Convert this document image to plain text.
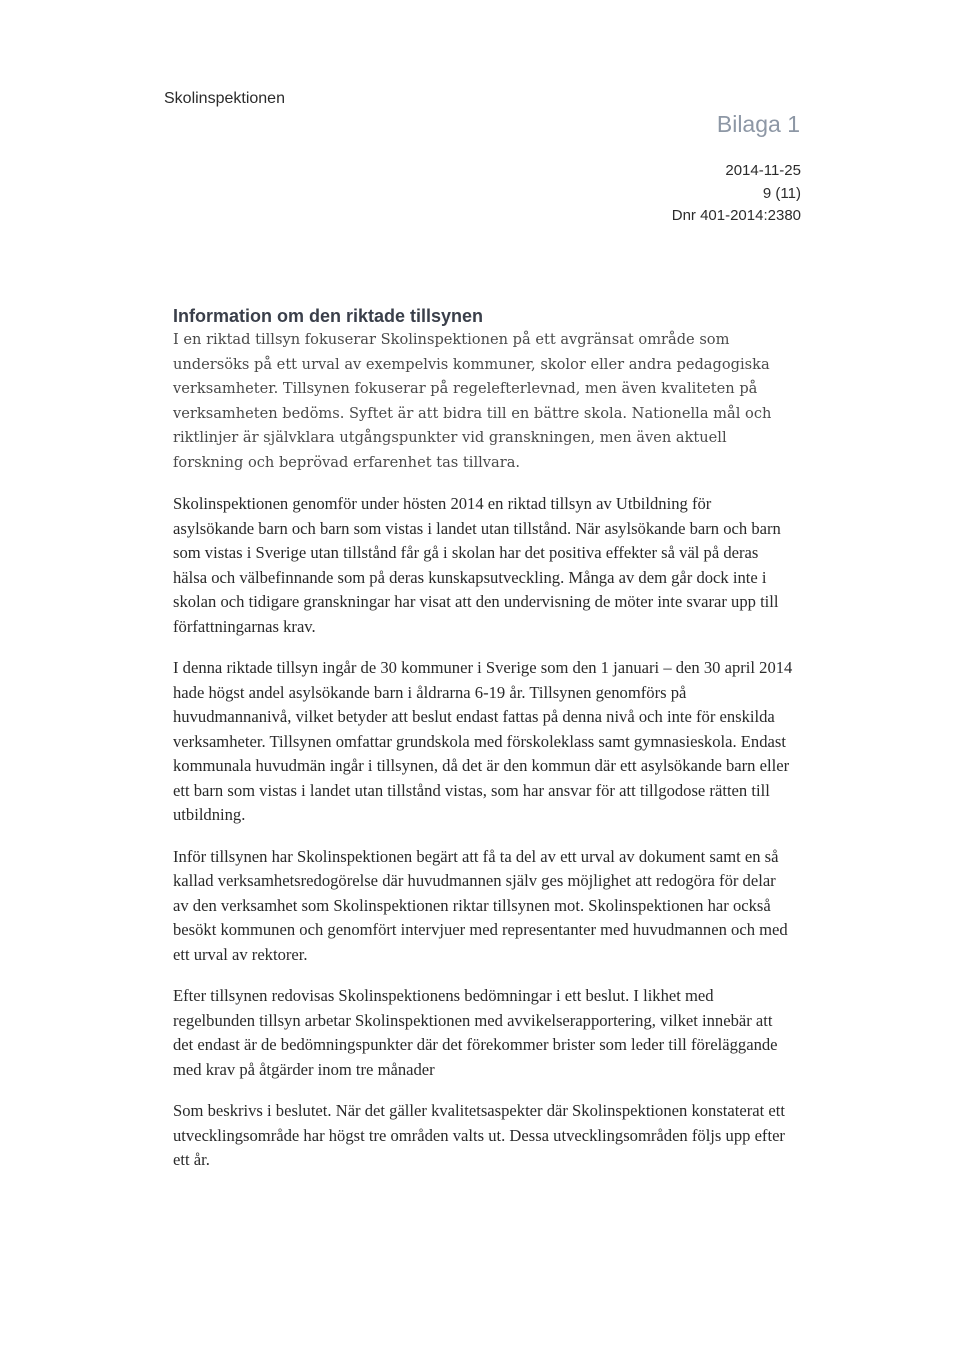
Skolinspektionen
Bilaga 1
2014-11-25
9 (11)
Dnr 401-2014:2380
Information om den riktade tillsynen

I en riktad tillsyn fokuserar Skolinspektionen på ett avgränsat område som undersöks på ett urval av exempelvis kommuner, skolor eller andra pedagogiska verksamheter. Tillsynen fokuserar på regelefterlevnad, men även kvaliteten på verksamheten bedöms. Syftet är att bidra till en bättre skola. Nationella mål och riktlinjer är självklara utgångspunkter vid granskningen, men även aktuell forskning och beprövad erfarenhet tas tillvara.

Skolinspektionen genomför under hösten 2014 en riktad tillsyn av Utbildning för asylsökande barn och barn som vistas i landet utan tillstånd. När asylsökande barn och barn som vistas i Sverige utan tillstånd får gå i skolan har det positiva effekter så väl på deras hälsa och välbefinnande som på deras kunskapsutveckling. Många av dem går dock inte i skolan och tidigare granskningar har visat att den undervisning de möter inte svarar upp till författningarnas krav.

I denna riktade tillsyn ingår de 30 kommuner i Sverige som den 1 januari – den 30 april 2014 hade högst andel asylsökande barn i åldrarna 6-19 år. Tillsynen genomförs på huvudmannanivå, vilket betyder att beslut endast fattas på denna nivå och inte för enskilda verksamheter. Tillsynen omfattar grundskola med förskoleklass samt gymnasieskola. Endast kommunala huvudmän ingår i tillsynen, då det är den kommun där ett asylsökande barn eller ett barn som vistas i landet utan tillstånd vistas, som har ansvar för att tillgodose rätten till utbildning.

Inför tillsynen har Skolinspektionen begärt att få ta del av ett urval av dokument samt en så kallad verksamhetsredogörelse där huvudmannen själv ges möjlighet att redogöra för delar av den verksamhet som Skolinspektionen riktar tillsynen mot. Skolinspektionen har också besökt kommunen och genomfört intervjuer med representanter med huvudmannen och med ett urval av rektorer.

Efter tillsynen redovisas Skolinspektionens bedömningar i ett beslut. I likhet med regelbunden tillsyn arbetar Skolinspektionen med avvikelserapportering, vilket innebär att det endast är de bedömningspunkter där det förekommer brister som leder till föreläggande med krav på åtgärder inom tre månader

Som beskrivs i beslutet. När det gäller kvalitetsaspekter där Skolinspektionen konstaterat ett utvecklingsområde har högst tre områden valts ut. Dessa utvecklingsområden följs upp efter ett år.
